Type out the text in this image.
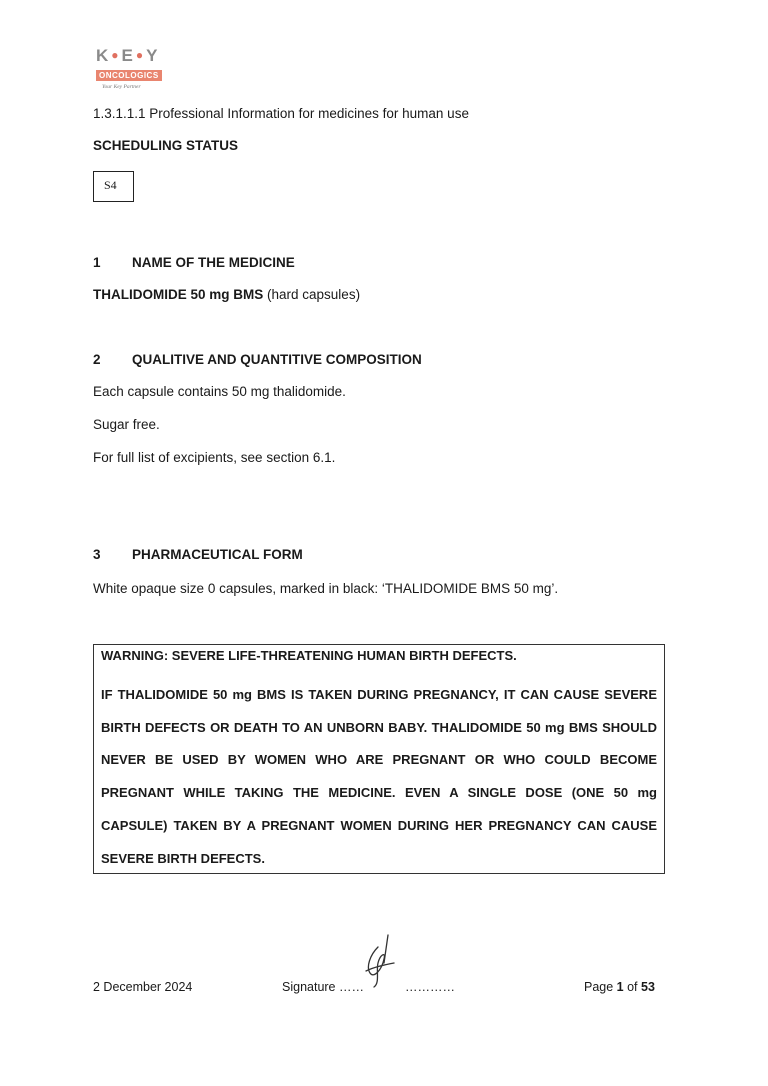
K ● E ● Y
ONCOLOGICS
Your Key Partner
1.3.1.1.1 Professional Information for medicines for human use
SCHEDULING STATUS
S4
1 NAME OF THE MEDICINE
THALIDOMIDE 50 mg BMS (hard capsules)
2 QUALITIVE AND QUANTITIVE COMPOSITION
Each capsule contains 50 mg thalidomide.
Sugar free.
For full list of excipients, see section 6.1.
3 PHARMACEUTICAL FORM
White opaque size 0 capsules, marked in black: ‘THALIDOMIDE BMS 50 mg’.
WARNING: SEVERE LIFE-THREATENING HUMAN BIRTH DEFECTS.
IF THALIDOMIDE 50 mg BMS IS TAKEN DURING PREGNANCY, IT CAN CAUSE SEVERE BIRTH DEFECTS OR DEATH TO AN UNBORN BABY. THALIDOMIDE 50 mg BMS SHOULD NEVER BE USED BY WOMEN WHO ARE PREGNANT OR WHO COULD BECOME PREGNANT WHILE TAKING THE MEDICINE. EVEN A SINGLE DOSE (ONE 50 mg CAPSULE) TAKEN BY A PREGNANT WOMEN DURING HER PREGNANCY CAN CAUSE SEVERE BIRTH DEFECTS.
2 December 2024	Signature ……	…………	Page 1 of 53
